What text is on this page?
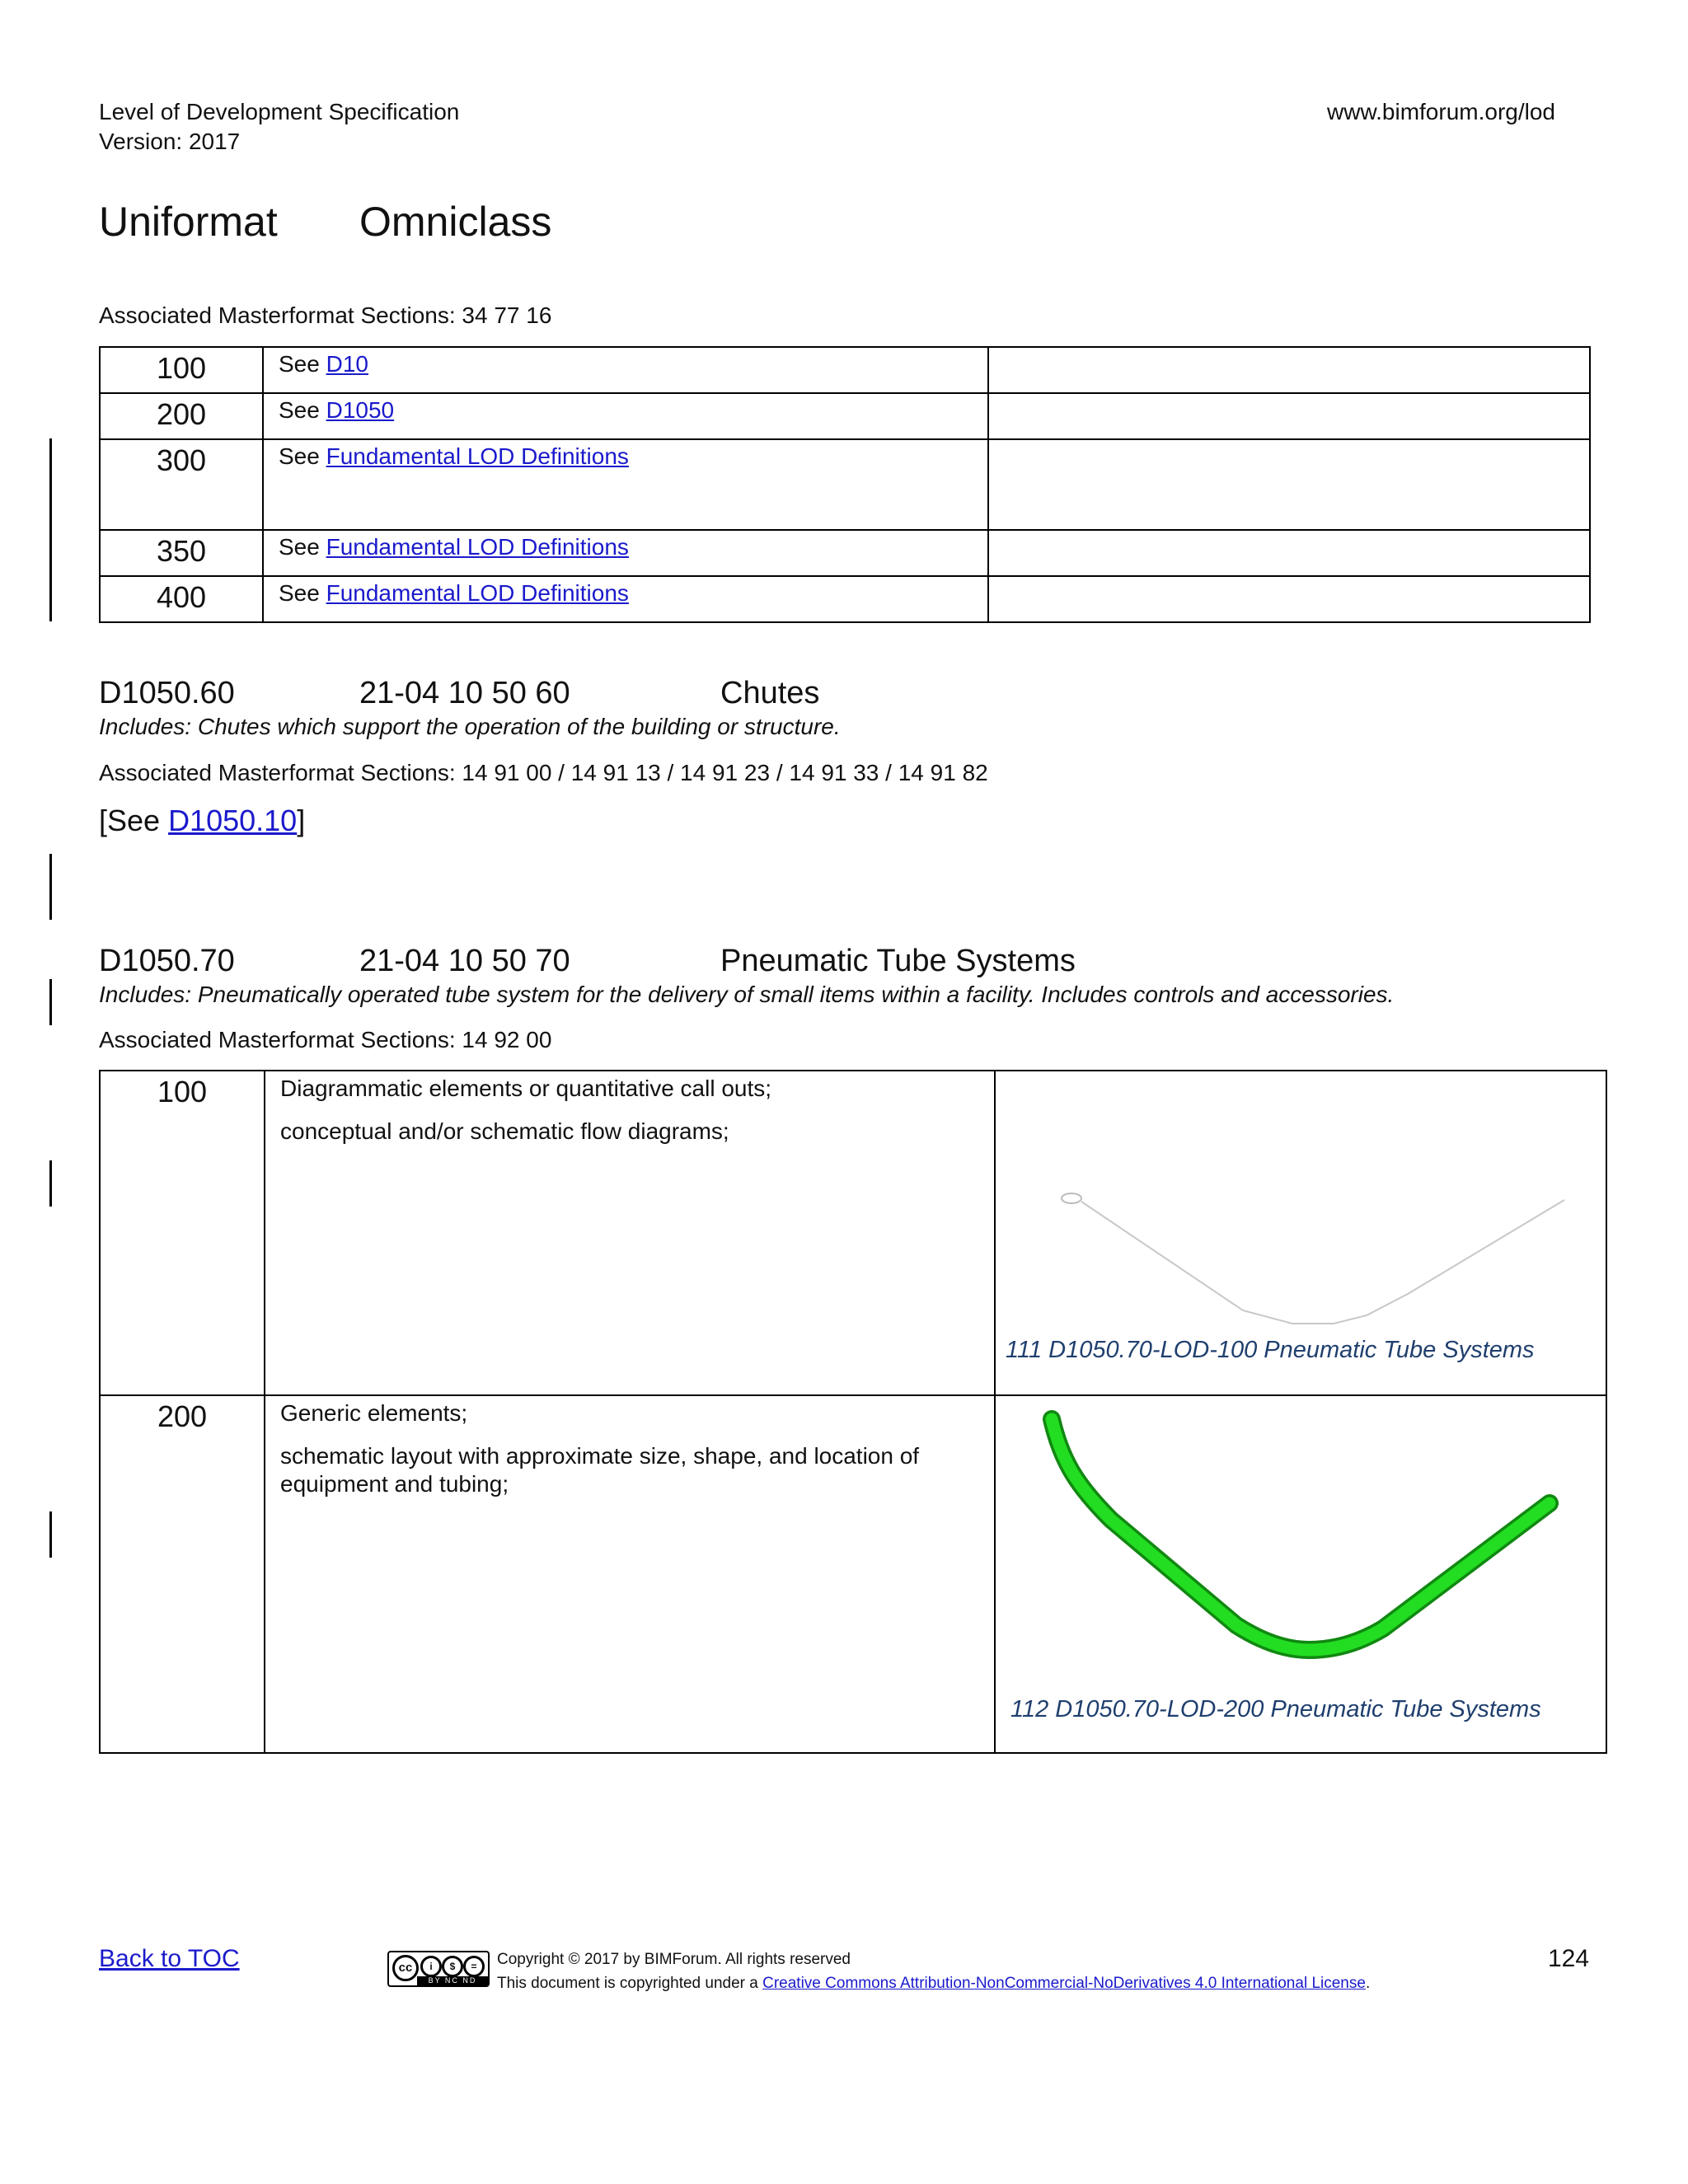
Level of Development Specification
Version: 2017
www.bimforum.org/lod
Uniformat Omniclass
Associated Masterformat Sections: 34 77 16
100	See D10	
200	See D1050	
300	See Fundamental LOD Definitions	
350	See Fundamental LOD Definitions	
400	See Fundamental LOD Definitions	
D1050.60	21-04 10 50 60	Chutes
Includes: Chutes which support the operation of the building or structure.
Associated Masterformat Sections: 14 91 00 / 14 91 13 / 14 91 23 / 14 91 33 / 14 91 82
[See D1050.10]
D1050.70	21-04 10 50 70	Pneumatic Tube Systems
Includes: Pneumatically operated tube system for the delivery of small items within a facility. Includes controls and accessories.
Associated Masterformat Sections: 14 92 00
100	Diagrammatic elements or quantitative call outs;

conceptual and/or schematic flow diagrams;	111 D1050.70-LOD-100 Pneumatic Tube Systems

200	Generic elements;

schematic layout with approximate size, shape, and location of equipment and tubing;	112 D1050.70-LOD-200 Pneumatic Tube Systems
Back to TOC	cc	i	$	=
BY NC ND
Copyright © 2017 by BIMForum. All rights reserved
This document is copyrighted under a Creative Commons Attribution-NonCommercial-NoDerivatives 4.0 International License.
124
